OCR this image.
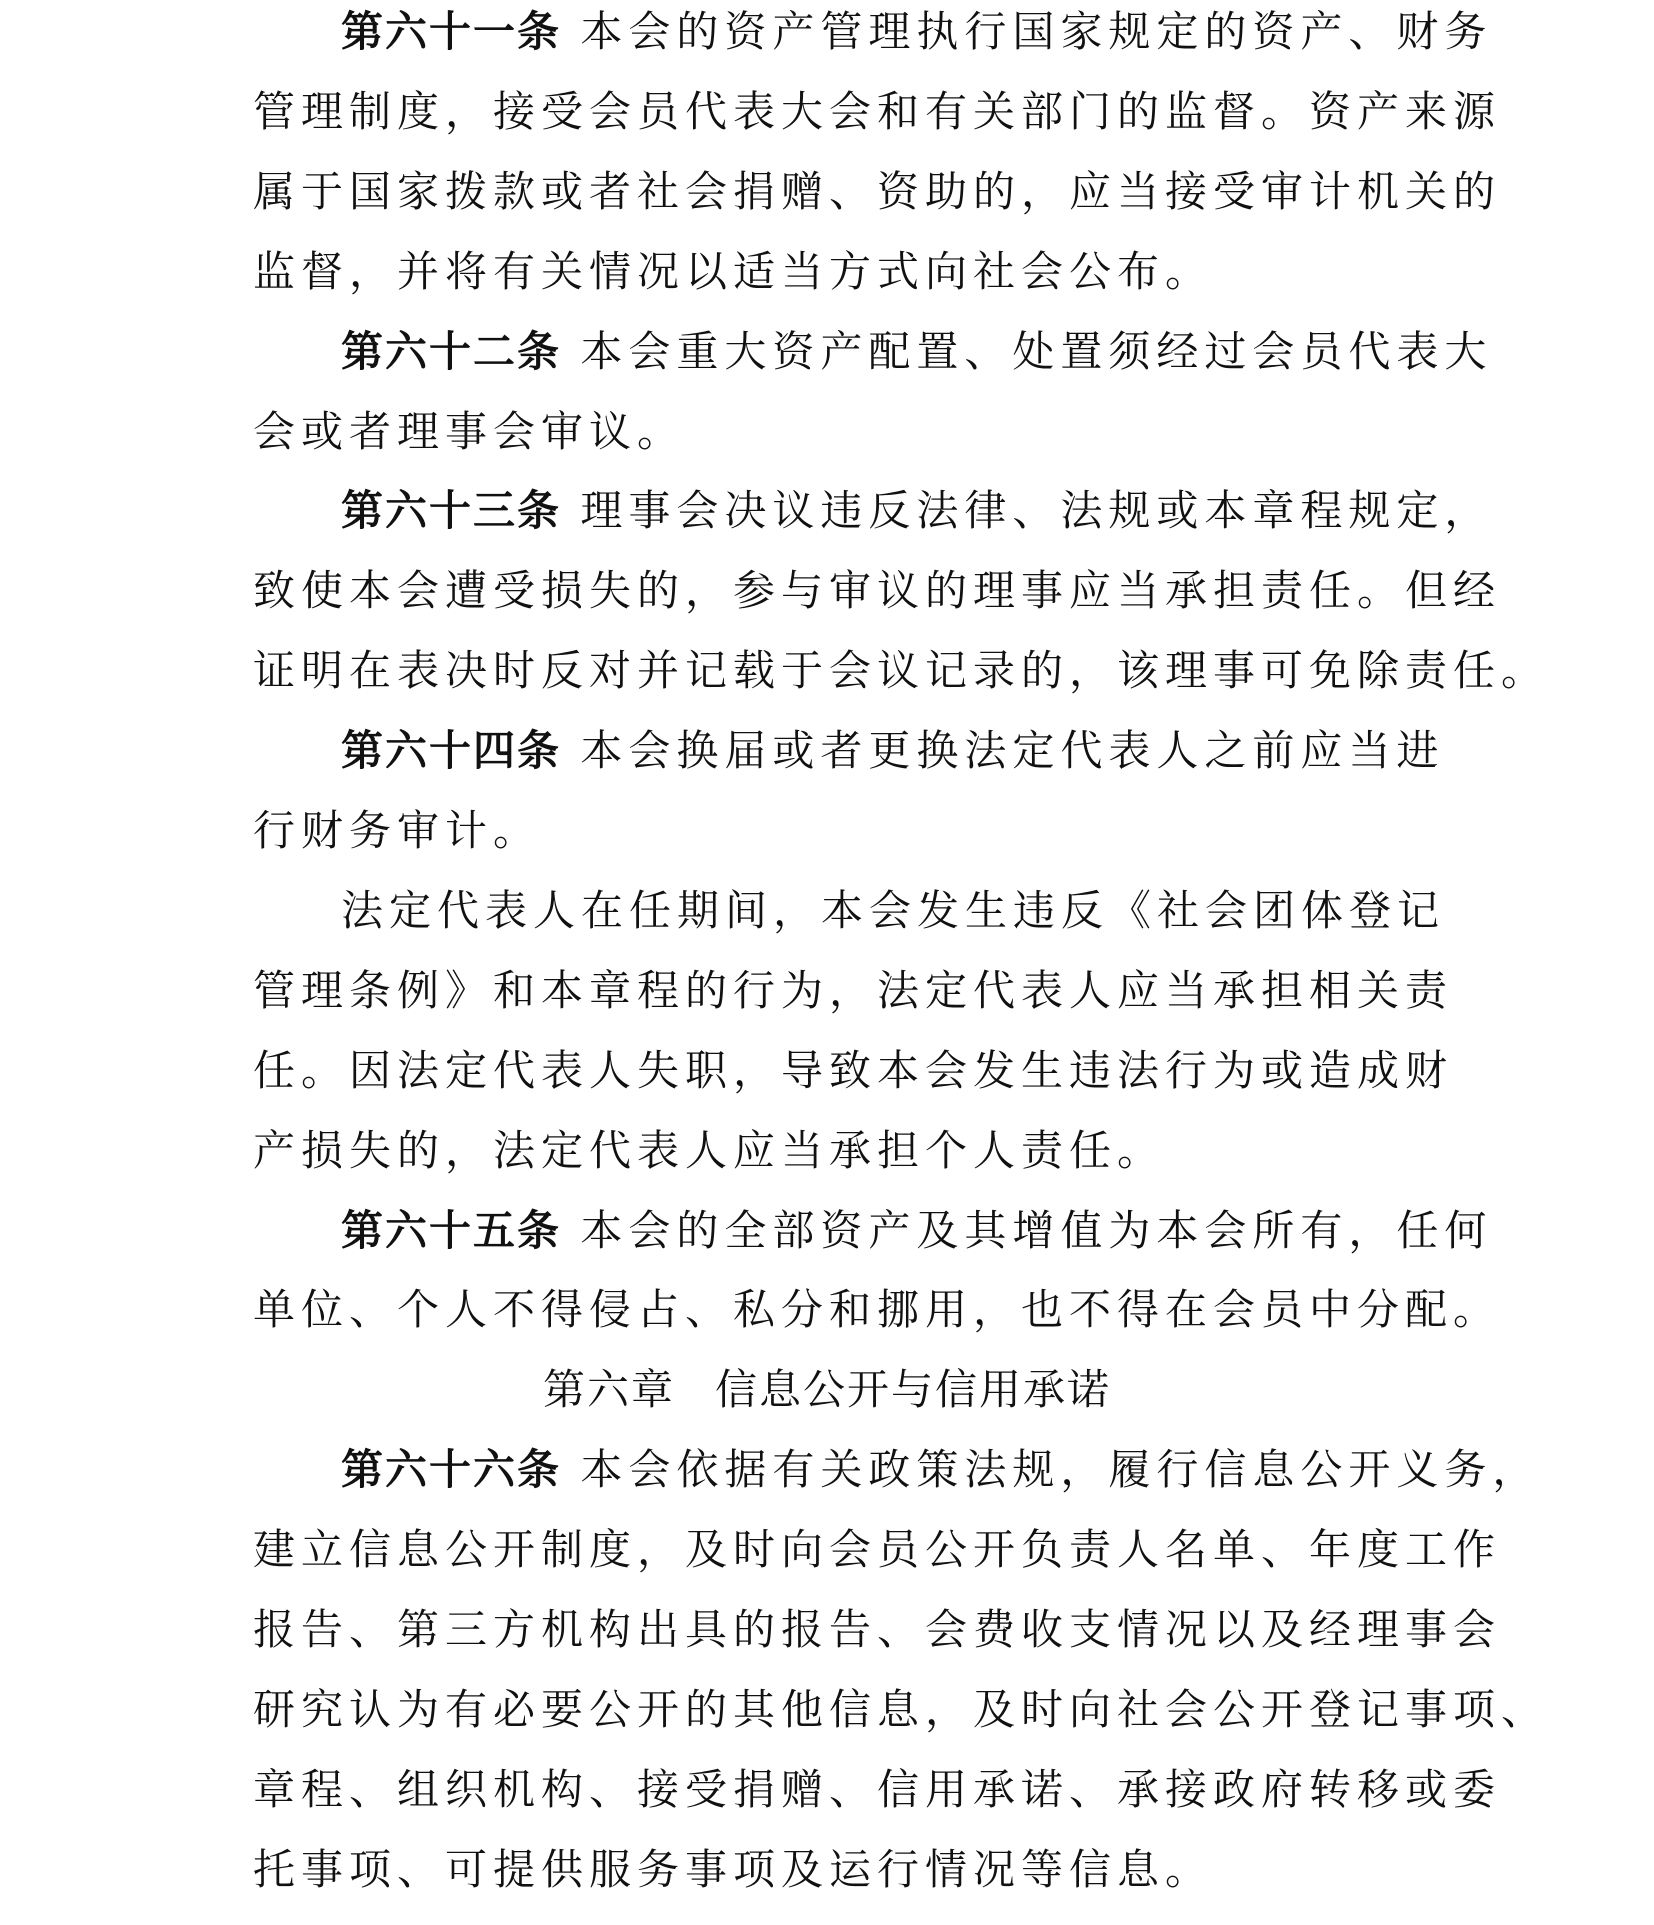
第六十一条 本会的资产管理执行国家规定的资产、财务
管理制度，接受会员代表大会和有关部门的监督。资产来源
属于国家拨款或者社会捐赠、资助的，应当接受审计机关的
监督，并将有关情况以适当方式向社会公布。
第六十二条 本会重大资产配置、处置须经过会员代表大
会或者理事会审议。
第六十三条 理事会决议违反法律、法规或本章程规定，
致使本会遭受损失的，参与审议的理事应当承担责任。但经
证明在表决时反对并记载于会议记录的，该理事可免除责任。
第六十四条 本会换届或者更换法定代表人之前应当进
行财务审计。
法定代表人在任期间，本会发生违反《社会团体登记
管理条例》和本章程的行为，法定代表人应当承担相关责
任。因法定代表人失职，导致本会发生违法行为或造成财
产损失的，法定代表人应当承担个人责任。
第六十五条 本会的全部资产及其增值为本会所有，任何
单位、个人不得侵占、私分和挪用，也不得在会员中分配。
第六章 信息公开与信用承诺
第六十六条 本会依据有关政策法规，履行信息公开义务，
建立信息公开制度，及时向会员公开负责人名单、年度工作
报告、第三方机构出具的报告、会费收支情况以及经理事会
研究认为有必要公开的其他信息，及时向社会公开登记事项、
章程、组织机构、接受捐赠、信用承诺、承接政府转移或委
托事项、可提供服务事项及运行情况等信息。
